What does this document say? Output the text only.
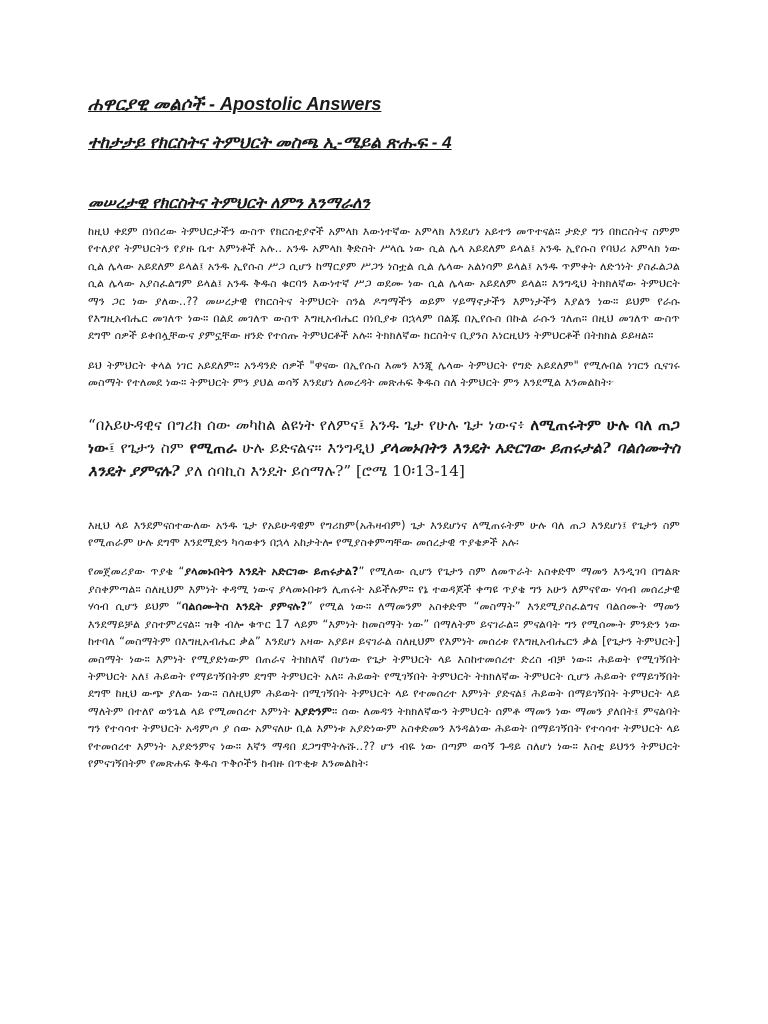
ሐዋርያዊ መልሶች - Apostolic Answers
ተከታታይ የክርስትና ትምህርት መስጫ ኢ-ሜይል ጽሑፍ - 4
መሠረታዊ የክርስትና ትምህርት ለምን እንማራለን

ከዚህ ቀደም በነበረው ትምህርታችን ውስጥ የክርስቲያኖች አምላክ እውነተኛው አምላክ እንደሆነ አይተን መጥተናል። ታድያ ግን በክርስትና ስምም የተለያየ ትምህርትን የያዙ ቤተ እምነቶች አሉ.. አንዱ አምላክ ቅድስት ሥላሴ ነው ሲል ሌላ አይደለም ይላል፤ አንዱ ኢየሱስ የባህሪ አምላክ ነው ሲል ሌላው አይደለም ይላል፤ አንዱ ኢየሱስ ሥጋ ሲሆን ከማርያም ሥጋን ነስቷል ሲል ሌላው አልነሳም ይላል፤ አንዱ ጥምቀት ለድኅነት ያስፈልጋል ሲል ሌላው አያስፈልግም ይላል፤ አንዱ ቅዱስ ቁርባን እውነተኛ ሥጋ ወደሙ ነው ሲል ሌላው አይደለም ይላል። እንግዲህ ትክክለኛው ትምህርት ማን ጋር ነው ያለው..?? መሠረታዊ የክርስትና ትምህርት ስንል ዶግማችን ወይም ሃይማኖታችን እምነታችን እያልን ነው። ይህም የራሱ የእግዚአብሔር መገለጥ ነው። በልደ መገለጥ ውስጥ እግዚአብሔር በነቢያቱ በኋላም በልጁ በኢየሱስ በኩል ራሱን ገለጠ። በዚህ መገለጥ ውስጥ ደግሞ ሰዎች ይቀበሏቸውና ያምኗቸው ዘንድ የተሰጡ ትምህርቶች አሉ። ትክክለኛው ክርስትና ቢያንስ እነርዚህን ትምህርቶች በትክክል ይይዛል።

ይህ ትምህርት ቀላል ነገር አይደለም። አንዳንድ ሰዎች "ዋናው በኢየሱስ እመን እንጂ ሌላው ትምህርት የግድ አይደለም" የሚሉበል ነገርን ሲናገሩ መስማት የተለመደ ነው። ትምህርት ምን ያህል ወሳኝ እንደሆነ ለመረዳት መጽሐፍ ቅዱስ ስለ ትምህርት ምን እንደሚል እንመልከት፦

“በአይሁዳዊና በግሪክ ሰው መካከል ልዩነት የለምና፤ አንዱ ጌታ የሁሉ ጌታ ነውና፥ ለሚጠሩትም ሁሉ ባለ ጠጋ ነው፤ የጌታን ስም የሚጠራ ሁሉ ይድናልና። እንግዲህ ያላመኑበትን እንዴት አድርገው ይጠሩታል? ባልሰሙትስ እንዴት ያምናሉ? ያለ ሰባኪስ እንዴት ይሰማሉ?” [ሮሜ 10፡13-14]

እዚህ ላይ እንደምናስተውለው አንዱ ጌታ የአይሁዳዊም የግሪክም(አሕዛብም) ጌታ እንደሆነና ለሚጠሩትም ሁሉ ባለ ጠጋ እንደሆነ፤ የጌታን ስም የሚጠራም ሁሉ ደግሞ እንደሚድን ካሳወቀን በኋላ አከታትሎ የሚያስቀምጣቸው መሰረታዊ ጥያቄዎች አሉ፡

የመጀመሪያው ጥያቄ “ያላመኑበትን እንዴት አድርገው ይጠሩታል?” የሚለው ሲሆን የጌታን ስም ለመጥራት አስቀድሞ ማመን እንዲገባ በግልጽ ያስቀምጣል። ስለዚህም እምነት ቀዳሚ ነውና ያላመኑበቱን ሊጠሩት አይችሉም። የኔ ተወዳጆች ቀጣዩ ጥያቄ ግን አሁን ለምናየው ሃሳብ መሰረታዊ ሃሳብ ሲሆን ይህም “ባልሰሙትስ እንዴት ያምናሉ?” የሚል ነው። ለማመንም አስቀድሞ “መስማት” እንደሚያስፈልግና ባልሰሙት ማመን እንደማይቻል ያስተምረናል። ዝቅ ብሎ ቁጥር 17 ላይም “እምነት ከመስማት ነው” በማለትም ይናገራል። ምናልባት ግን የሚሰሙት ምንድን ነው ከተባለ “መስማትም በእግዚአብሔር ቃል” እንደሆነ አዛው አያይዞ ይናገራል ስለዚህም የእምነት መሰረቱ የእግዚአብሔርን ቃል [የጌታን ትምህርት] መስማት ነው። እምነት የሚያድነውም በጠራና ትክክለኛ በሆነው የጌታ ትምህርት ላይ እስከተመሰረተ ድረስ ብቻ ነው። ሕይወት የሚገኝበት ትምህርት አለ፤ ሕይወት የማይገኝበትም ደግሞ ትምህርት አለ። ሕይወት የሚገኝበት ትምህርት ትክክለኛው ትምህርት ሲሆን ሕይወት የማይገኝበት ደግሞ ከዚህ ውጭ ያለው ነው። ስለዚህም ሕይወት በሚገኝበት ትምህርት ላይ የተመሰረተ እምነት ያድናል፤ ሕይወት በማይገኝበት ትምህርት ላይ ማለትም በተለየ ወንጌል ላይ የሚመሰረተ እምነት አያድንም። ሰው ለመዳን ትክክለኛውን ትምህርት ሰምቶ ማመን ነው ማመን ያለበት፤ ምናልባት ግን የተሳሳተ ትምህርት አዳምጦ ያ ሰው አምናለሁ ቢል እምነቱ አያድነውም አስቀድመን እንዳልነው ሕይወት በማይገኝበት የተሳሳተ ትምህርት ላይ የተመሰረተ እምነት አያድንምና ነው። እኛን ማዳበ ደጋግሞትሉሹ..?? ሆን ብዬ ነው በጣም ወሳኝ ጉዳይ ስለሆነ ነው። እስቲ ይህንን ትምህርት የምናገኝበትም የመጽሐፍ ቅዱስ ጥቅሶችን ከብዙ በጥቂቱ እንመልከት፡
